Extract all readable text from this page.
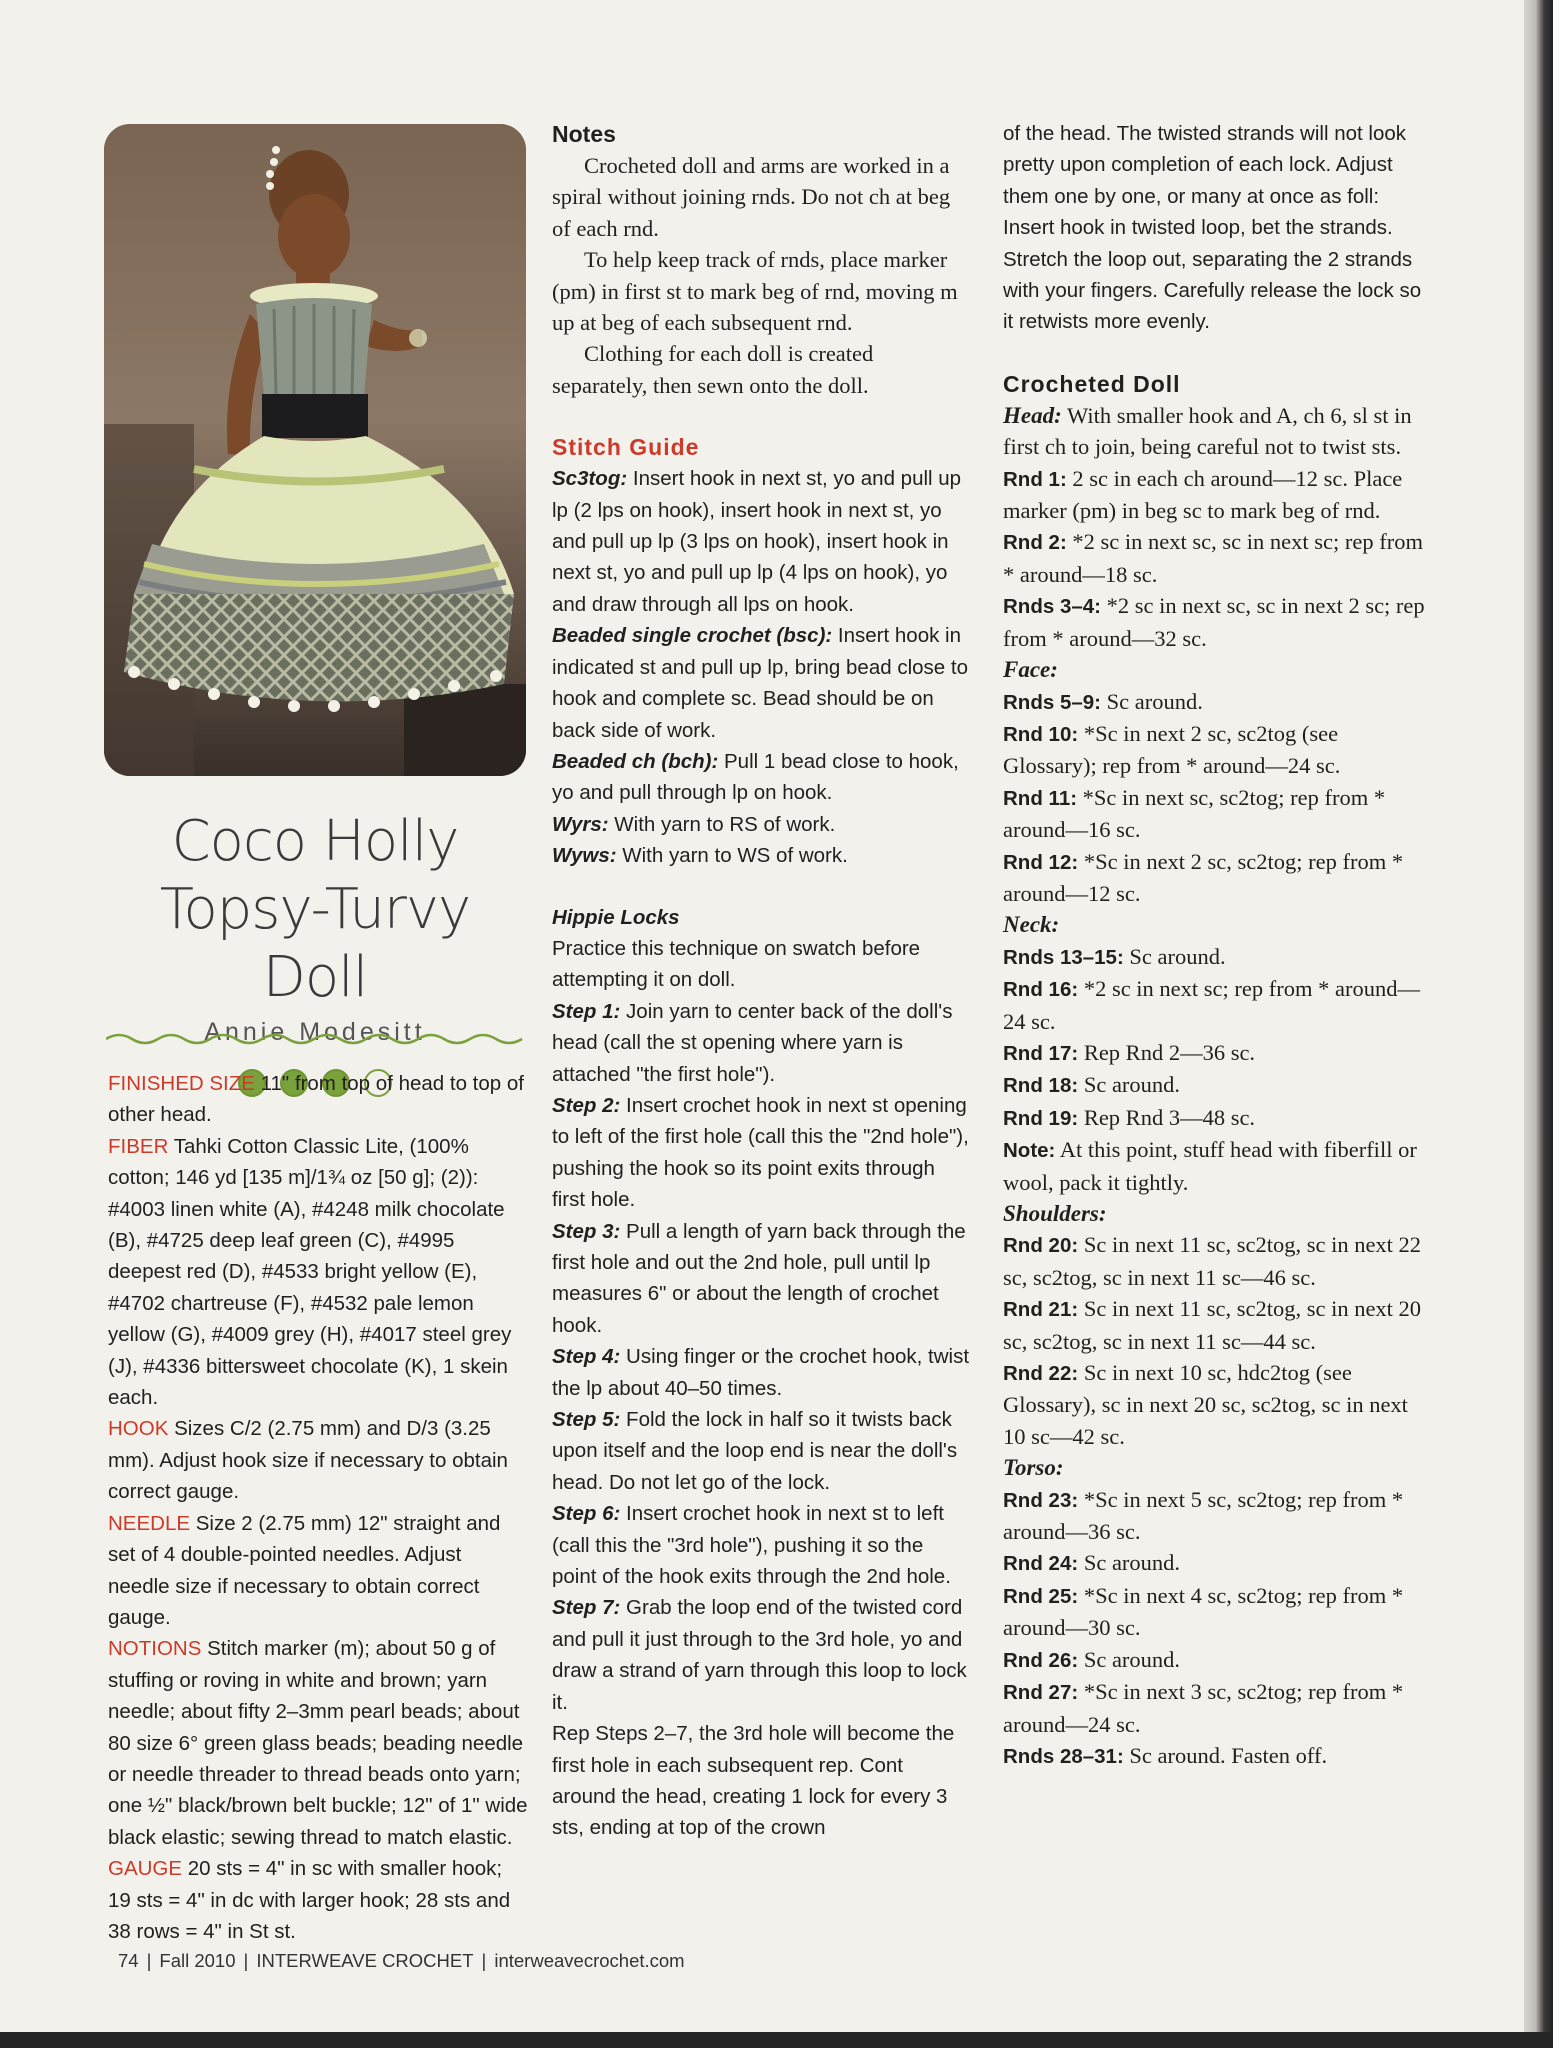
Coco Holly
Topsy-Turvy Doll
Annie Modesitt

FINISHED SIZE 11" from top of head to top of other head.

FIBER Tahki Cotton Classic Lite, (100% cotton; 146 yd [135 m]/1¾ oz [50 g]; (2)): #4003 linen white (A), #4248 milk chocolate (B), #4725 deep leaf green (C), #4995 deepest red (D), #4533 bright yellow (E), #4702 chartreuse (F), #4532 pale lemon yellow (G), #4009 grey (H), #4017 steel grey (J), #4336 bittersweet chocolate (K), 1 skein each.

HOOK Sizes C/2 (2.75 mm) and D/3 (3.25 mm). Adjust hook size if necessary to obtain correct gauge.

NEEDLE Size 2 (2.75 mm) 12" straight and set of 4 double-pointed needles. Adjust needle size if necessary to obtain correct gauge.

NOTIONS Stitch marker (m); about 50 g of stuffing or roving in white and brown; yarn needle; about fifty 2–3mm pearl beads; about 80 size 6° green glass beads; beading needle or needle threader to thread beads onto yarn; one ½" black/brown belt buckle; 12" of 1" wide black elastic; sewing thread to match elastic.

GAUGE 20 sts = 4" in sc with smaller hook; 19 sts = 4" in dc with larger hook; 28 sts and 38 rows = 4" in St st.

Notes

Crocheted doll and arms are worked in a spiral without joining rnds. Do not ch at beg of each rnd.

To help keep track of rnds, place marker (pm) in first st to mark beg of rnd, moving m up at beg of each subsequent rnd.

Clothing for each doll is created separately, then sewn onto the doll.

Stitch Guide

Sc3tog: Insert hook in next st, yo and pull up lp (2 lps on hook), insert hook in next st, yo and pull up lp (3 lps on hook), insert hook in next st, yo and pull up lp (4 lps on hook), yo and draw through all lps on hook.

Beaded single crochet (bsc): Insert hook in indicated st and pull up lp, bring bead close to hook and complete sc. Bead should be on back side of work.

Beaded ch (bch): Pull 1 bead close to hook, yo and pull through lp on hook.

Wyrs: With yarn to RS of work.

Wyws: With yarn to WS of work.

Hippie Locks

Practice this technique on swatch before attempting it on doll.

Step 1: Join yarn to center back of the doll's head (call the st opening where yarn is attached "the first hole").

Step 2: Insert crochet hook in next st opening to left of the first hole (call this the "2nd hole"), pushing the hook so its point exits through first hole.

Step 3: Pull a length of yarn back through the first hole and out the 2nd hole, pull until lp measures 6" or about the length of crochet hook.

Step 4: Using finger or the crochet hook, twist the lp about 40–50 times.

Step 5: Fold the lock in half so it twists back upon itself and the loop end is near the doll's head. Do not let go of the lock.

Step 6: Insert crochet hook in next st to left (call this the "3rd hole"), pushing it so the point of the hook exits through the 2nd hole.

Step 7: Grab the loop end of the twisted cord and pull it just through to the 3rd hole, yo and draw a strand of yarn through this loop to lock it.

Rep Steps 2–7, the 3rd hole will become the first hole in each subsequent rep. Cont around the head, creating 1 lock for every 3 sts, ending at top of the crown

of the head. The twisted strands will not look pretty upon completion of each lock. Adjust them one by one, or many at once as foll: Insert hook in twisted loop, bet the strands. Stretch the loop out, separating the 2 strands with your fingers. Carefully release the lock so it retwists more evenly.

Crocheted Doll

Head: With smaller hook and A, ch 6, sl st in first ch to join, being careful not to twist sts.

Rnd 1: 2 sc in each ch around—12 sc. Place marker (pm) in beg sc to mark beg of rnd.

Rnd 2: *2 sc in next sc, sc in next sc; rep from * around—18 sc.

Rnds 3–4: *2 sc in next sc, sc in next 2 sc; rep from * around—32 sc.

Face:

Rnds 5–9: Sc around.

Rnd 10: *Sc in next 2 sc, sc2tog (see Glossary); rep from * around—24 sc.

Rnd 11: *Sc in next sc, sc2tog; rep from * around—16 sc.

Rnd 12: *Sc in next 2 sc, sc2tog; rep from * around—12 sc.

Neck:

Rnds 13–15: Sc around.

Rnd 16: *2 sc in next sc; rep from * around—24 sc.

Rnd 17: Rep Rnd 2—36 sc.

Rnd 18: Sc around.

Rnd 19: Rep Rnd 3—48 sc.

Note: At this point, stuff head with fiberfill or wool, pack it tightly.

Shoulders:

Rnd 20: Sc in next 11 sc, sc2tog, sc in next 22 sc, sc2tog, sc in next 11 sc—46 sc.

Rnd 21: Sc in next 11 sc, sc2tog, sc in next 20 sc, sc2tog, sc in next 11 sc—44 sc.

Rnd 22: Sc in next 10 sc, hdc2tog (see Glossary), sc in next 20 sc, sc2tog, sc in next 10 sc—42 sc.

Torso:

Rnd 23: *Sc in next 5 sc, sc2tog; rep from * around—36 sc.

Rnd 24: Sc around.

Rnd 25: *Sc in next 4 sc, sc2tog; rep from * around—30 sc.

Rnd 26: Sc around.

Rnd 27: *Sc in next 3 sc, sc2tog; rep from * around—24 sc.

Rnds 28–31: Sc around. Fasten off.

74 | Fall 2010 | INTERWEAVE CROCHET | interweavecrochet.com
